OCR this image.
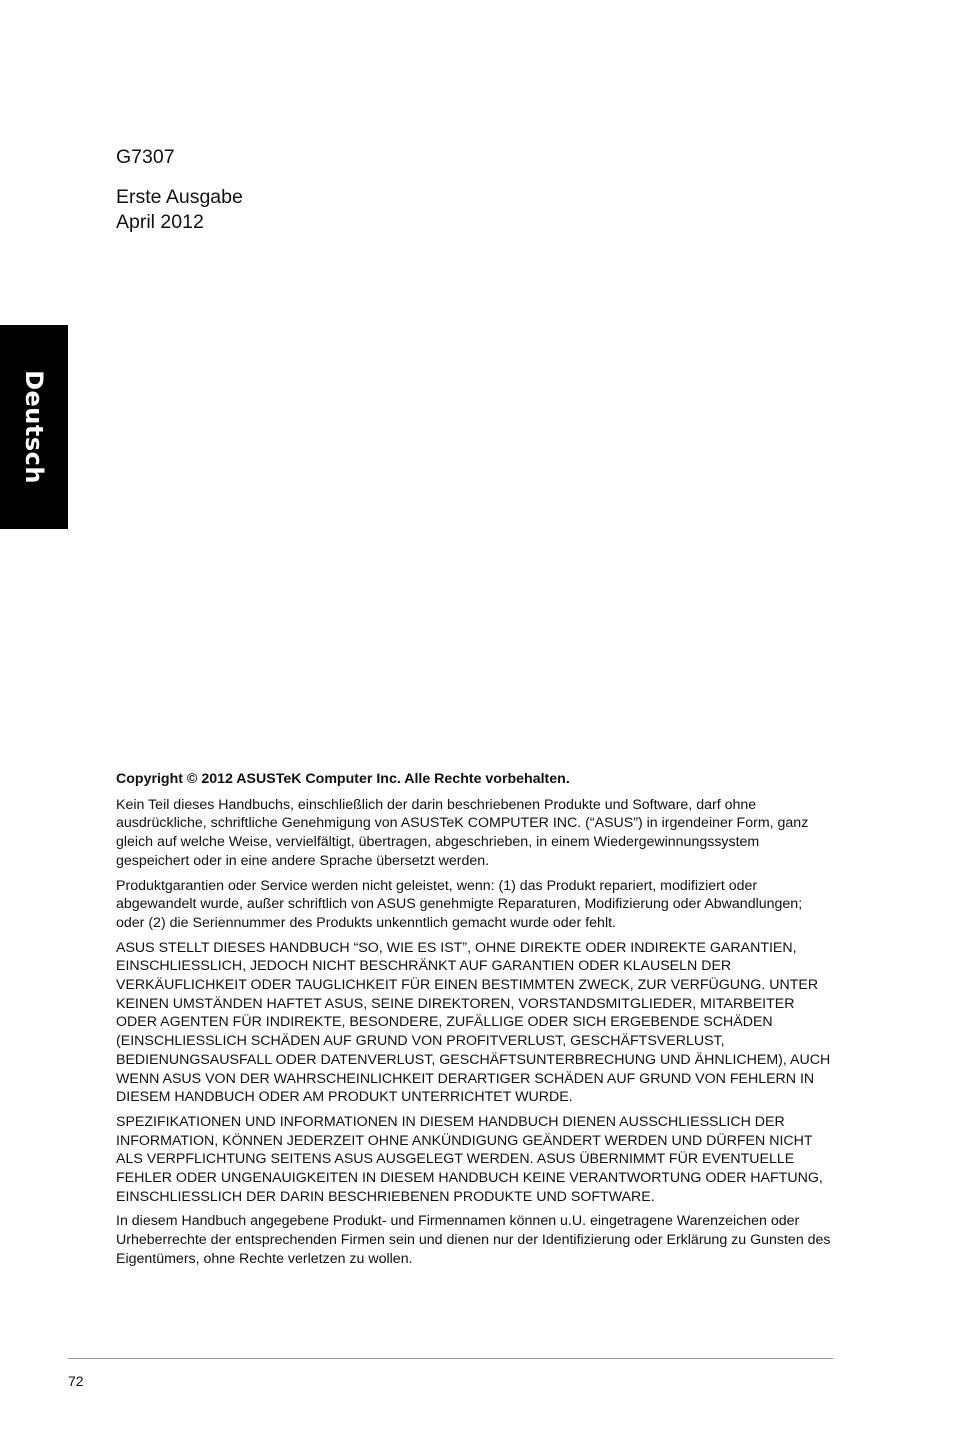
G7307

Erste Ausgabe

April 2012

Deutsch

Copyright © 2012 ASUSTeK Computer Inc. Alle Rechte vorbehalten.

Kein Teil dieses Handbuchs, einschließlich der darin beschriebenen Produkte und Software, darf ohne ausdrückliche, schriftliche Genehmigung von ASUSTeK COMPUTER INC. (“ASUS”) in irgendeiner Form, ganz gleich auf welche Weise, vervielfältigt, übertragen, abgeschrieben, in einem Wiedergewinnungssystem gespeichert oder in eine andere Sprache übersetzt werden.

Produktgarantien oder Service werden nicht geleistet, wenn: (1) das Produkt repariert, modifiziert oder abgewandelt wurde, außer schriftlich von ASUS genehmigte Reparaturen, Modifizierung oder Abwandlungen; oder (2) die Seriennummer des Produkts unkenntlich gemacht wurde oder fehlt.

ASUS STELLT DIESES HANDBUCH “SO, WIE ES IST”, OHNE DIREKTE ODER INDIREKTE GARANTIEN, EINSCHLIESSLICH, JEDOCH NICHT BESCHRÄNKT AUF GARANTIEN ODER KLAUSELN DER VERKÄUFLICHKEIT ODER TAUGLICHKEIT FÜR EINEN BESTIMMTEN ZWECK, ZUR VERFÜGUNG. UNTER KEINEN UMSTÄNDEN HAFTET ASUS, SEINE DIREKTOREN, VORSTANDSMITGLIEDER, MITARBEITER ODER AGENTEN FÜR INDIREKTE, BESONDERE, ZUFÄLLIGE ODER SICH ERGEBENDE SCHÄDEN (EINSCHLIESSLICH SCHÄDEN AUF GRUND VON PROFITVERLUST, GESCHÄFTSVERLUST, BEDIENUNGSAUSFALL ODER DATENVERLUST, GESCHÄFTSUNTERBRECHUNG UND ÄHNLICHEM), AUCH WENN ASUS VON DER WAHRSCHEINLICHKEIT DERARTIGER SCHÄDEN AUF GRUND VON FEHLERN IN DIESEM HANDBUCH ODER AM PRODUKT UNTERRICHTET WURDE.

SPEZIFIKATIONEN UND INFORMATIONEN IN DIESEM HANDBUCH DIENEN AUSSCHLIESSLICH DER INFORMATION, KÖNNEN JEDERZEIT OHNE ANKÜNDIGUNG GEÄNDERT WERDEN UND DÜRFEN NICHT ALS VERPFLICHTUNG SEITENS ASUS AUSGELEGT WERDEN. ASUS ÜBERNIMMT FÜR EVENTUELLE FEHLER ODER UNGENAUIGKEITEN IN DIESEM HANDBUCH KEINE VERANTWORTUNG ODER HAFTUNG, EINSCHLIESSLICH DER DARIN BESCHRIEBENEN PRODUKTE UND SOFTWARE.

In diesem Handbuch angegebene Produkt- und Firmennamen können u.U. eingetragene Warenzeichen oder Urheberrechte der entsprechenden Firmen sein und dienen nur der Identifizierung oder Erklärung zu Gunsten des Eigentümers, ohne Rechte verletzen zu wollen.

72
